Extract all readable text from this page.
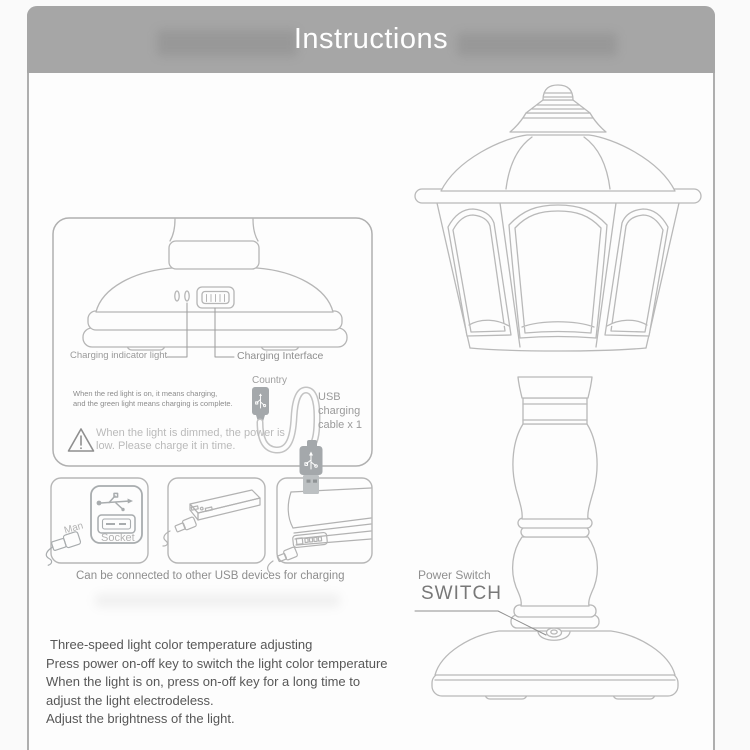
Instructions
Charging indicator light	Charging Interface
Country
USB charging cable x 1
When the red light is on, it means charging,
and the green light means charging is complete.
When the light is dimmed, the power is
low. Please charge it in time.
Man
Socket
Can be connected to other USB devices for charging	Power Switch
SWITCH
Three-speed light color temperature adjusting
Press power on-off key to switch the light color temperature
When the light is on, press on-off key for a long time to
adjust the light electrodeless.
Adjust the brightness of the light.
